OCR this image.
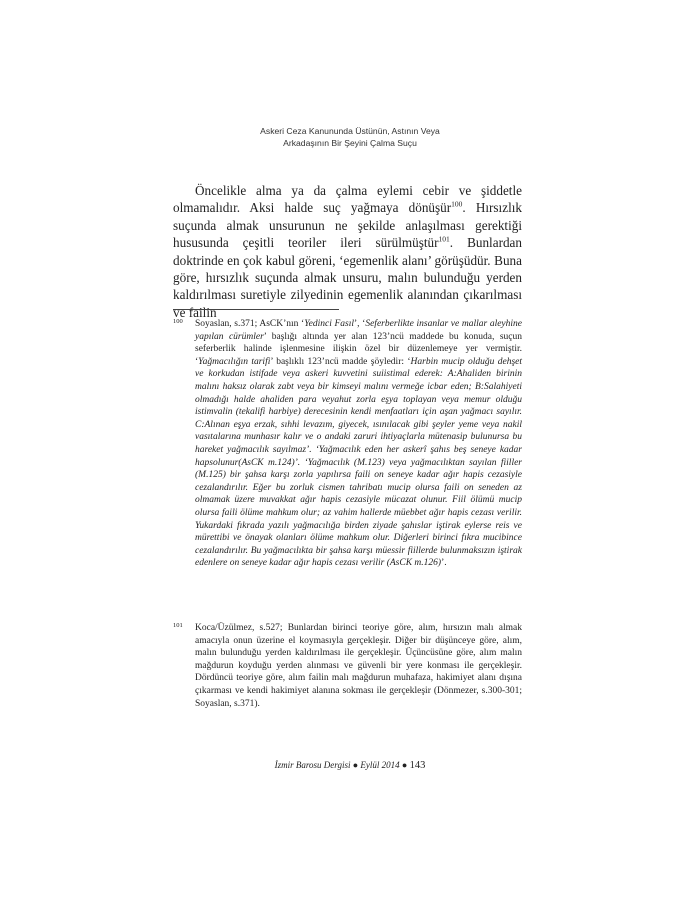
Askeri Ceza Kanununda Üstünün, Astının Veya
Arkadaşının Bir Şeyini Çalma Suçu

Öncelikle alma ya da çalma eylemi cebir ve şiddetle olmamalıdır. Aksi halde suç yağmaya dönüşür$^{100}$. Hırsızlık suçunda almak unsurunun ne şekilde anlaşılması gerektiği hususunda çeşitli teoriler ileri sürülmüştür$^{101}$. Bunlardan doktrinde en çok kabul göreni, ‘egemenlik alanı’ görüşüdür. Buna göre, hırsızlık suçunda almak unsuru, malın bulunduğu yerden kaldırılması suretiyle zilyedinin egemenlik alanından çıkarılması ve failin

100 Soyaslan, s.371; AsCK’nın ‘Yedinci Fasıl’, ‘Seferberlikte insanlar ve mallar aleyhine yapılan cürümler’ başlığı altında yer alan 123’ncü maddede bu konuda, suçun seferberlik halinde işlenmesine ilişkin özel bir düzenlemeye yer vermiştir. ‘Yağmacılığın tarifi’ başlıklı 123’ncü madde şöyledir: ‘Harbin mucip olduğu dehşet ve korkudan istifade veya askeri kuvvetini suiistimal ederek: A:Ahaliden birinin malını haksız olarak zabt veya bir kimseyi malını vermeğe icbar eden; B:Salahiyeti olmadığı halde ahaliden para veyahut zorla eşya toplayan veya memur olduğu istimvalin (tekalifi harbiye) derecesinin kendi menfaatları için aşan yağmacı sayılır. C:Alınan eşya erzak, sıhhi levazım, giyecek, ısınılacak gibi şeyler yeme veya nakil vasıtalarına munhasır kalır ve o andaki zaruri ihtiyaçlarla mütenasip bulunursa bu hareket yağmacılık sayılmaz’. ‘Yağmacılık eden her askerî şahıs beş seneye kadar hapsolunur(AsCK m.124)’. ‘Yağmacılık (M.123) veya yağmacılıktan sayılan fiiller (M.125) bir şahsa karşı zorla yapılırsa faili on seneye kadar ağır hapis cezasiyle cezalandırılır. Eğer bu zorluk cismen tahribatı mucip olursa faili on seneden az olmamak üzere muvakkat ağır hapis cezasiyle mücazat olunur. Fiil ölümü mucip olursa faili ölüme mahkum olur; az vahim hallerde müebbet ağır hapis cezası verilir. Yukardaki fıkrada yazılı yağmacılığa birden ziyade şahıslar iştirak eylerse reis ve mürettibi ve önayak olanları ölüme mahkum olur. Diğerleri birinci fıkra mucibince cezalandırılır. Bu yağmacılıkta bir şahsa karşı müessir fiillerde bulunmaksızın iştirak edenlere on seneye kadar ağır hapis cezası verilir (AsCK m.126)’.

101 Koca/Üzülmez, s.527; Bunlardan birinci teoriye göre, alım, hırsızın malı almak amacıyla onun üzerine el koymasıyla gerçekleşir. Diğer bir düşünceye göre, alım, malın bulunduğu yerden kaldırılması ile gerçekleşir. Üçüncüsüne göre, alım malın mağdurun koyduğu yerden alınması ve güvenli bir yere konması ile gerçekleşir. Dördüncü teoriye göre, alım failin malı mağdurun muhafaza, hakimiyet alanı dışına çıkarması ve kendi hakimiyet alanına sokması ile gerçekleşir (Dönmezer, s.300-301; Soyaslan, s.371).

İzmir Barosu Dergisi ● Eylül 2014 ● 143
